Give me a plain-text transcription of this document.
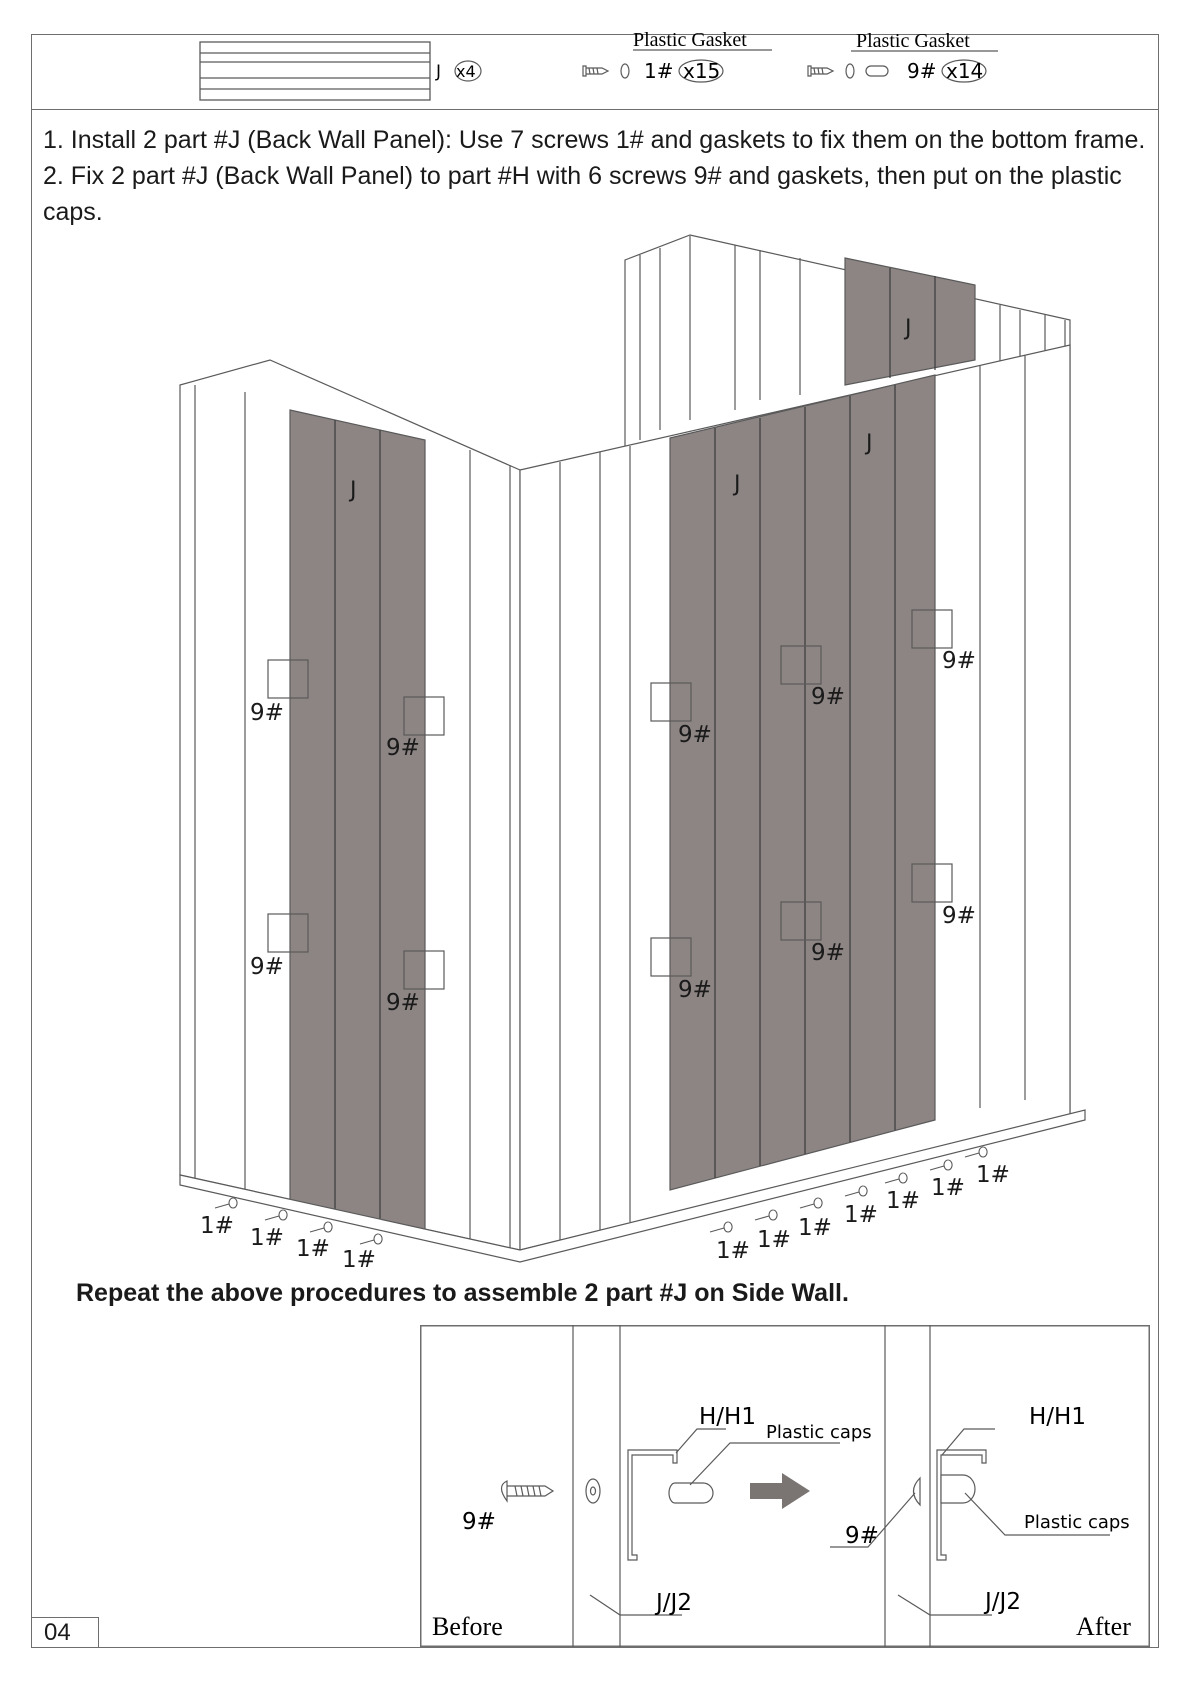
J x4
Plastic Gasket
1# x15
Plastic Gasket
9# x14

1. Install 2 part #J (Back Wall Panel): Use 7 screws 1# and gaskets to fix them on the bottom frame.

2. Fix 2 part #J (Back Wall Panel) to part #H with 6 screws 9# and gaskets, then put on the plastic caps.

J	J
J
J
9#
9#
9#
9#
9#
9#
9#
9#
9#
9#
1# 1# 1# 1#	1# 1# 1# 1#
1# 1# 1#
Repeat the above procedures to assemble 2 part #J on Side Wall.
H/H1
Plastic caps
9#
J/J2
Before
H/H1
Plastic caps
9#
J/J2
After
04
